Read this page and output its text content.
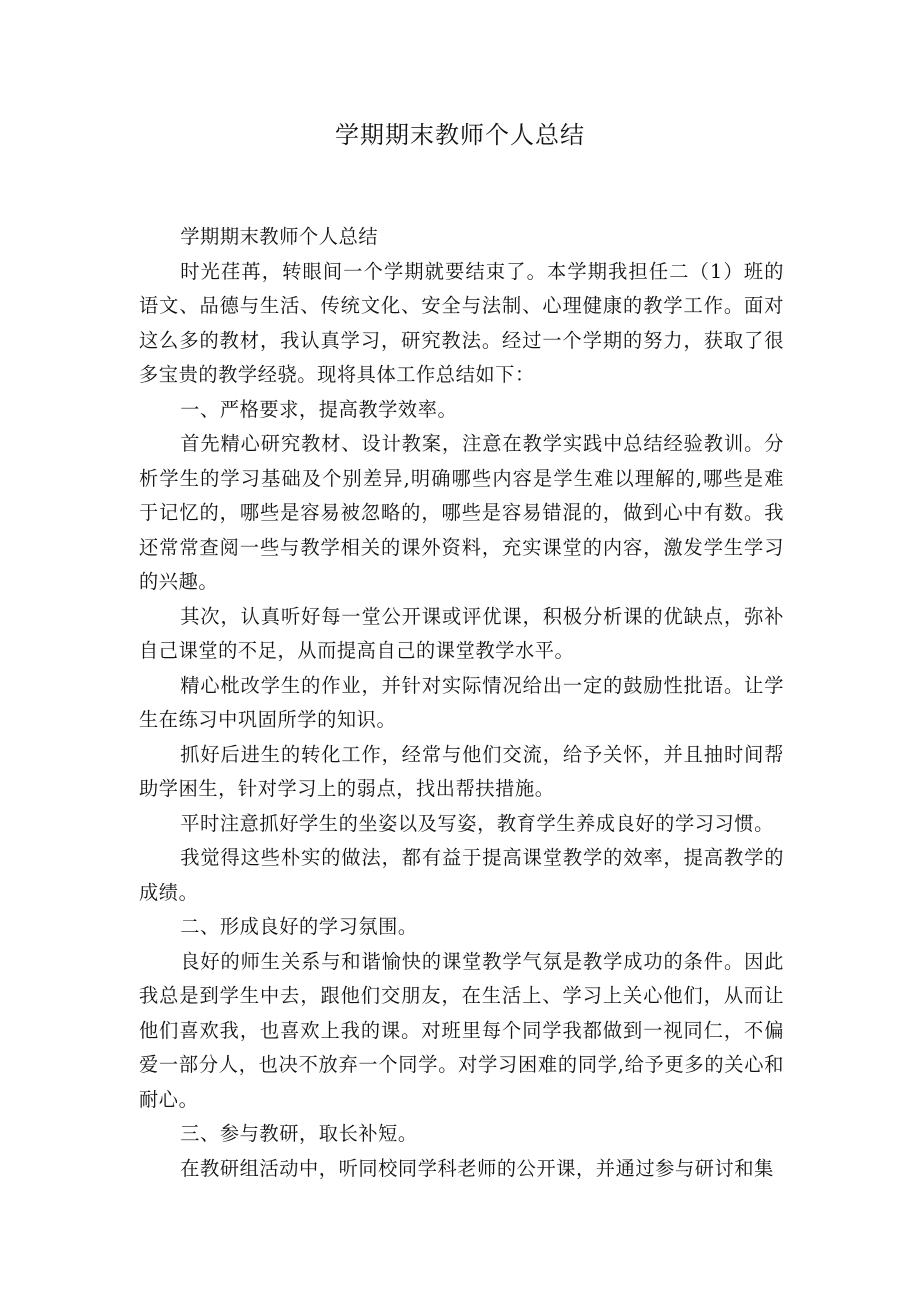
学期期末教师个人总结

学期期末教师个人总结

时光荏苒，转眼间一个学期就要结束了。本学期我担任二（1）班的语文、品德与生活、传统文化、安全与法制、心理健康的教学工作。面对这么多的教材，我认真学习，研究教法。经过一个学期的努力，获取了很多宝贵的教学经骁。现将具体工作总结如下：

一、严格要求，提高教学效率。

首先精心研究教材、设计教案，注意在教学实践中总结经验教训。分析学生的学习基础及个别差异,明确哪些内容是学生难以理解的,哪些是难于记忆的，哪些是容易被忽略的，哪些是容易错混的，做到心中有数。我还常常查阅一些与教学相关的课外资料，充实课堂的内容，激发学生学习的兴趣。

其次，认真听好每一堂公开课或评优课，积极分析课的优缺点，弥补自己课堂的不足，从而提高自己的课堂教学水平。

精心枇改学生的作业，并针对实际情况给出一定的鼓励性批语。让学生在练习中巩固所学的知识。

抓好后进生的转化工作，经常与他们交流，给予关怀，并且抽时间帮助学困生，针对学习上的弱点，找出帮扶措施。

平时注意抓好学生的坐姿以及写姿，教育学生养成良好的学习习惯。

我觉得这些朴实的做法，都有益于提高课堂教学的效率，提高教学的成绩。

二、形成良好的学习氛围。

良好的师生关系与和谐愉快的课堂教学气氛是教学成功的条件。因此我总是到学生中去，跟他们交朋友，在生活上、学习上关心他们，从而让他们喜欢我，也喜欢上我的课。对班里每个同学我都做到一视同仁，不偏爱一部分人，也决不放弃一个同学。对学习困难的同学,给予更多的关心和耐心。

三、参与教研，取长补短。

在教研组活动中，听同校同学科老师的公开课，并通过参与研讨和集
